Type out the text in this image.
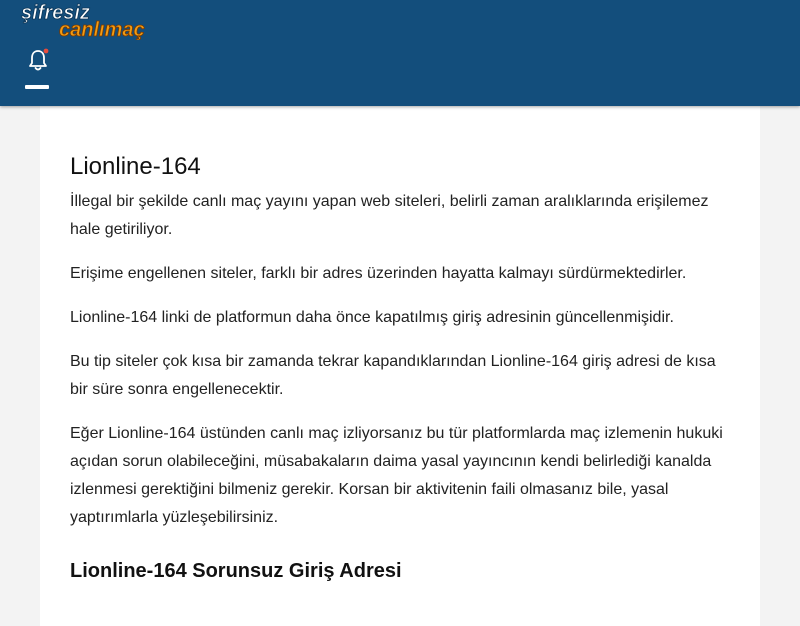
şifresiz
canlımaç
Lionline-164

İllegal bir şekilde canlı maç yayını yapan web siteleri, belirli zaman aralıklarında erişilemez hale getiriliyor.

Erişime engellenen siteler, farklı bir adres üzerinden hayatta kalmayı sürdürmektedirler.

Lionline-164 linki de platformun daha önce kapatılmış giriş adresinin güncellenmişidir.

Bu tip siteler çok kısa bir zamanda tekrar kapandıklarından Lionline-164 giriş adresi de kısa bir süre sonra engellenecektir.

Eğer Lionline-164 üstünden canlı maç izliyorsanız bu tür platformlarda maç izlemenin hukuki açıdan sorun olabileceğini, müsabakaların daima yasal yayıncının kendi belirlediği kanalda izlenmesi gerektiğini bilmeniz gerekir. Korsan bir aktivitenin faili olmasanız bile, yasal yaptırımlarla yüzleşebilirsiniz.

Lionline-164 Sorunsuz Giriş Adresi
